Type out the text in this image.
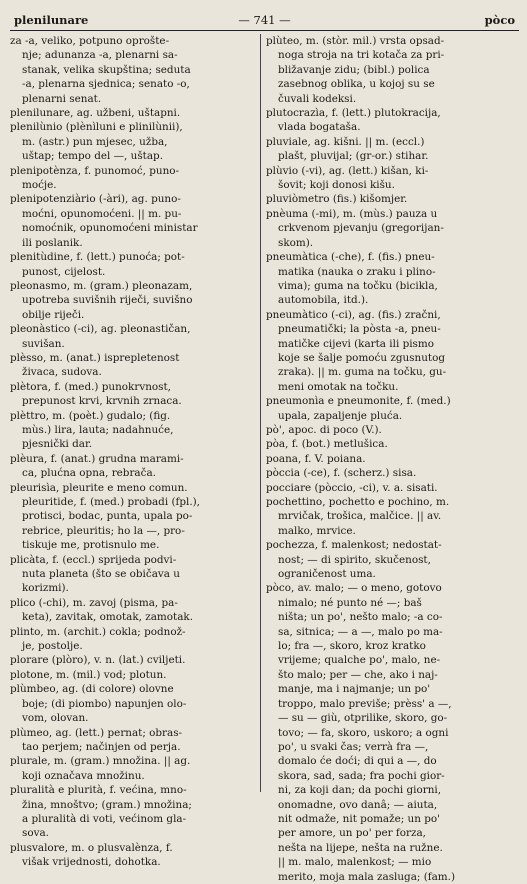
plenilunare	— 741 —	pòco

za -a, veliko, potpuno oprošte-
nje; adunanza -a, plenarni sa-
stanak, velika skupština; seduta
-a, plenarna sjednica; senato -o,
plenarni senat.

plenilunare, ag. užbeni, uštapni.

plenilùnio (plènìluni e plinilùnii),
m. (astr.) pun mjesec, užba,
uštap; tempo del —, uštap.

plenipotènza, f. punomoć, puno-
moćje.

plenipotenziàrio (-àri), ag. puno-
moćni, opunomoćeni. || m. pu-
nomoćnik, opunomoćeni ministar
ili poslanik.

plenitùdine, f. (lett.) punoća; pot-
punost, cijelost.

pleonasmo, m. (gram.) pleonazam,
upotreba suvišnih riječi, suvišno
obilje riječi.

pleonàstico (-ci), ag. pleonastičan,
suvišan.

plèsso, m. (anat.) isprepletenost
živaca, sudova.

plètora, f. (med.) punokrvnost,
prepunost krvi, krvnih zrnaca.

plèttro, m. (poèt.) gudalo; (fig.
mùs.) lira, lauta; nadahnuće,
pjesnički dar.

plèura, f. (anat.) grudna marami-
ca, plućna opna, rebrača.

pleurisìa, pleurite e meno comun.
pleuritide, f. (med.) probadi (fpl.),
protisci, bodac, punta, upala po-
rebrice, pleuritis; ho la —, pro-
tiskuje me, protisnulo me.

plicàta, f. (eccl.) sprijeda podvi-
nuta planeta (što se običava u
korizmi).

plico (-chi), m. zavoj (pisma, pa-
keta), zavitak, omotak, zamotak.

plinto, m. (archit.) cokla; podnož-
je, postolje.

plorare (plòro), v. n. (lat.) cviljeti.

plotone, m. (mil.) vod; plotun.

plùmbeo, ag. (di colore) olovne
boje; (di piombo) napunjen olo-
vom, olovan.

plùmeo, ag. (lett.) pernat; obras-
tao perjem; načinjen od perja.

plurale, m. (gram.) množina. || ag.
koji označava množinu.

pluralità e plurità, f. većina, mno-
žina, mnoštvo; (gram.) množina;
a pluralità di voti, većinom gla-
sova.

plusvalore, m. o plusvalènza, f.
višak vrijednosti, dohotka.

plùteo, m. (stòr. mil.) vrsta opsad-
noga stroja na tri kotača za pri-
bližavanje zidu; (bibl.) polica
zasebnog oblika, u kojoj su se
čuvali kodeksi.

plutocrazìa, f. (lett.) plutokracija,
vlada bogataša.

pluviale, ag. kišni. || m. (eccl.)
plašt, pluvijal; (gr-or.) stihar.

plùvio (-vi), ag. (lett.) kišan, ki-
šovit; koji donosi kišu.

pluviòmetro (fis.) kišomjer.

pnèuma (-mi), m. (mùs.) pauza u
crkvenom pjevanju (gregorijan-
skom).

pneumàtica (-che), f. (fis.) pneu-
matika (nauka o zraku i plino-
vima); guma na točku (bicikla,
automobila, itd.).

pneumàtico (-ci), ag. (fis.) zračni,
pneumatički; la pòsta -a, pneu-
matičke cijevi (karta ili pismo
koje se šalje pomoću zgusnutog
zraka). || m. guma na točku, gu-
meni omotak na točku.

pneumonìa e pneumonite, f. (med.)
upala, zapaljenje pluća.

pò', apoc. di poco (V.).

pòa, f. (bot.) metlušica.

poana, f. V. poiana.

pòccia (-ce), f. (scherz.) sisa.

pocciare (pòccio, -ci), v. a. sisati.

pochettino, pochetto e pochino, m.
mrvičak, trošica, malčice. || av.
malko, mrvice.

pochezza, f. malenkost; nedostat-
nost; — di spirito, skučenost,
ograničenost uma.

pòco, av. malo; — o meno, gotovo
nimalo; né punto né —; baš
ništa; un po', nešto malo; -a co-
sa, sitnica; — a —, malo po ma-
lo; fra —, skoro, kroz kratko
vrijeme; qualche po', malo, ne-
što malo; per — che, ako i naj-
manje, ma i najmanje; un po'
troppo, malo previše; prèss' a —,
— su — giù, otprilike, skoro, go-
tovo; — fa, skoro, uskoro; a ogni
po', u svaki čas; verrà fra —,
domalo će doći; di qui a —, do
skora, sad, sada; fra pochi gior-
ni, za koji dan; da pochi giorni,
onomadne, ovo danâ; — aiuta,
nit odmaže, nit pomaže; un po'
per amore, un po' per forza,
nešta na lijepe, nešta na ružne.
|| m. malo, malenkost; — mio
merito, moja mala zasluga; (fam.)
